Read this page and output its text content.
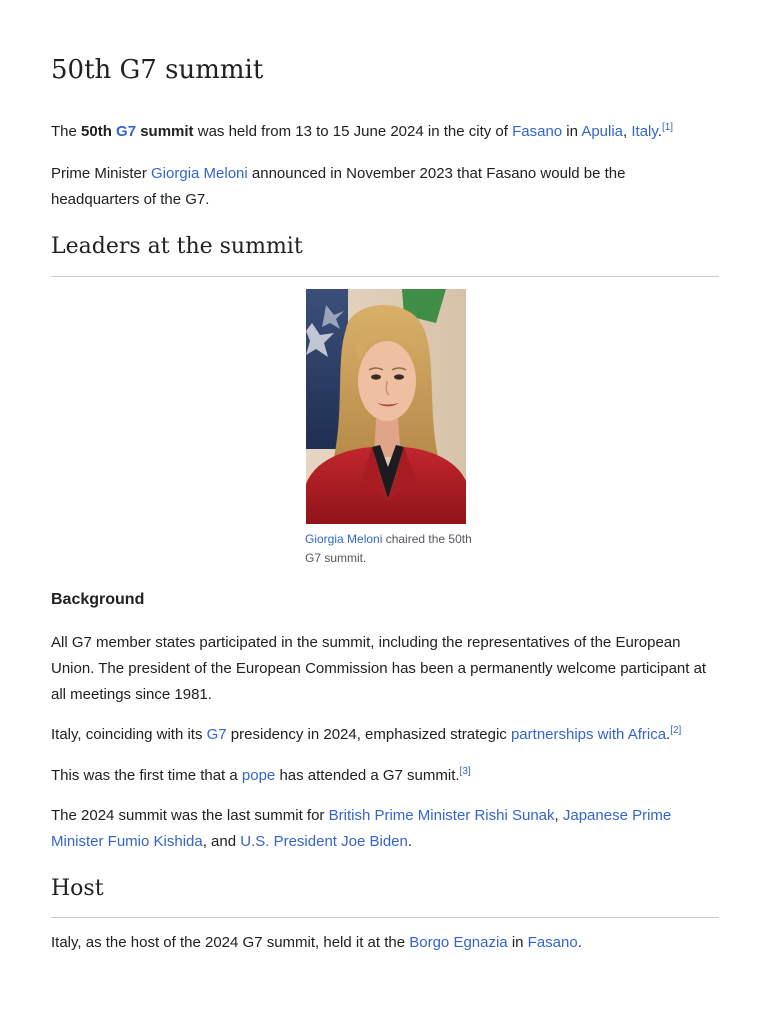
50th G7 summit

The 50th G7 summit was held from 13 to 15 June 2024 in the city of Fasano in Apulia, Italy.[1]

Prime Minister Giorgia Meloni announced in November 2023 that Fasano would be the headquarters of the G7.

Leaders at the summit

Giorgia Meloni chaired the 50th G7 summit.

Background

All G7 member states participated in the summit, including the representatives of the European Union. The president of the European Commission has been a permanently welcome participant at all meetings since 1981.

Italy, coinciding with its G7 presidency in 2024, emphasized strategic partnerships with Africa.[2]

This was the first time that a pope has attended a G7 summit.[3]

The 2024 summit was the last summit for British Prime Minister Rishi Sunak, Japanese Prime Minister Fumio Kishida, and U.S. President Joe Biden.

Host

Italy, as the host of the 2024 G7 summit, held it at the Borgo Egnazia in Fasano.
